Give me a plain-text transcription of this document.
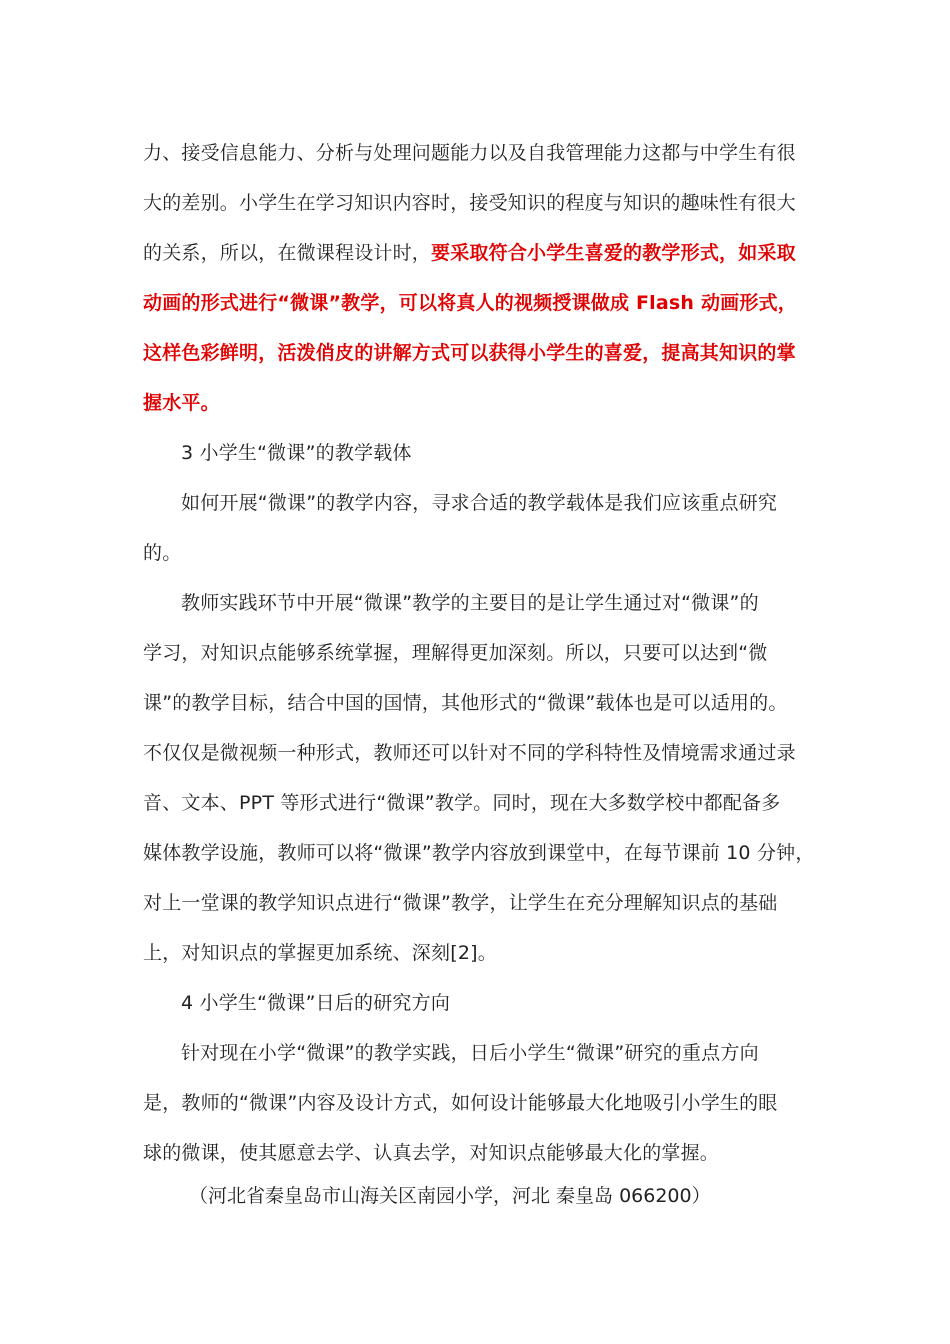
力、接受信息能力、分析与处理问题能力以及自我管理能力这都与中学生有很
大的差别。小学生在学习知识内容时，接受知识的程度与知识的趣味性有很大
的关系，所以，在微课程设计时，要采取符合小学生喜爱的教学形式，如采取
动画的形式进行“微课”教学，可以将真人的视频授课做成 Flash 动画形式，
这样色彩鲜明，活泼俏皮的讲解方式可以获得小学生的喜爱，提高其知识的掌
握水平。
3 小学生“微课”的教学载体
如何开展“微课”的教学内容，寻求合适的教学载体是我们应该重点研究
的。
教师实践环节中开展“微课”教学的主要目的是让学生通过对“微课”的
学习，对知识点能够系统掌握，理解得更加深刻。所以，只要可以达到“微
课”的教学目标，结合中国的国情，其他形式的“微课”载体也是可以适用的。
不仅仅是微视频一种形式，教师还可以针对不同的学科特性及情境需求通过录
音、文本、PPT 等形式进行“微课”教学。同时，现在大多数学校中都配备多
媒体教学设施，教师可以将“微课”教学内容放到课堂中，在每节课前 10 分钟，
对上一堂课的教学知识点进行“微课”教学，让学生在充分理解知识点的基础
上，对知识点的掌握更加系统、深刻[2]。
4 小学生“微课”日后的研究方向
针对现在小学“微课”的教学实践，日后小学生“微课”研究的重点方向
是，教师的“微课”内容及设计方式，如何设计能够最大化地吸引小学生的眼
球的微课，使其愿意去学、认真去学，对知识点能够最大化的掌握。
（河北省秦皇岛市山海关区南园小学，河北 秦皇岛 066200）
